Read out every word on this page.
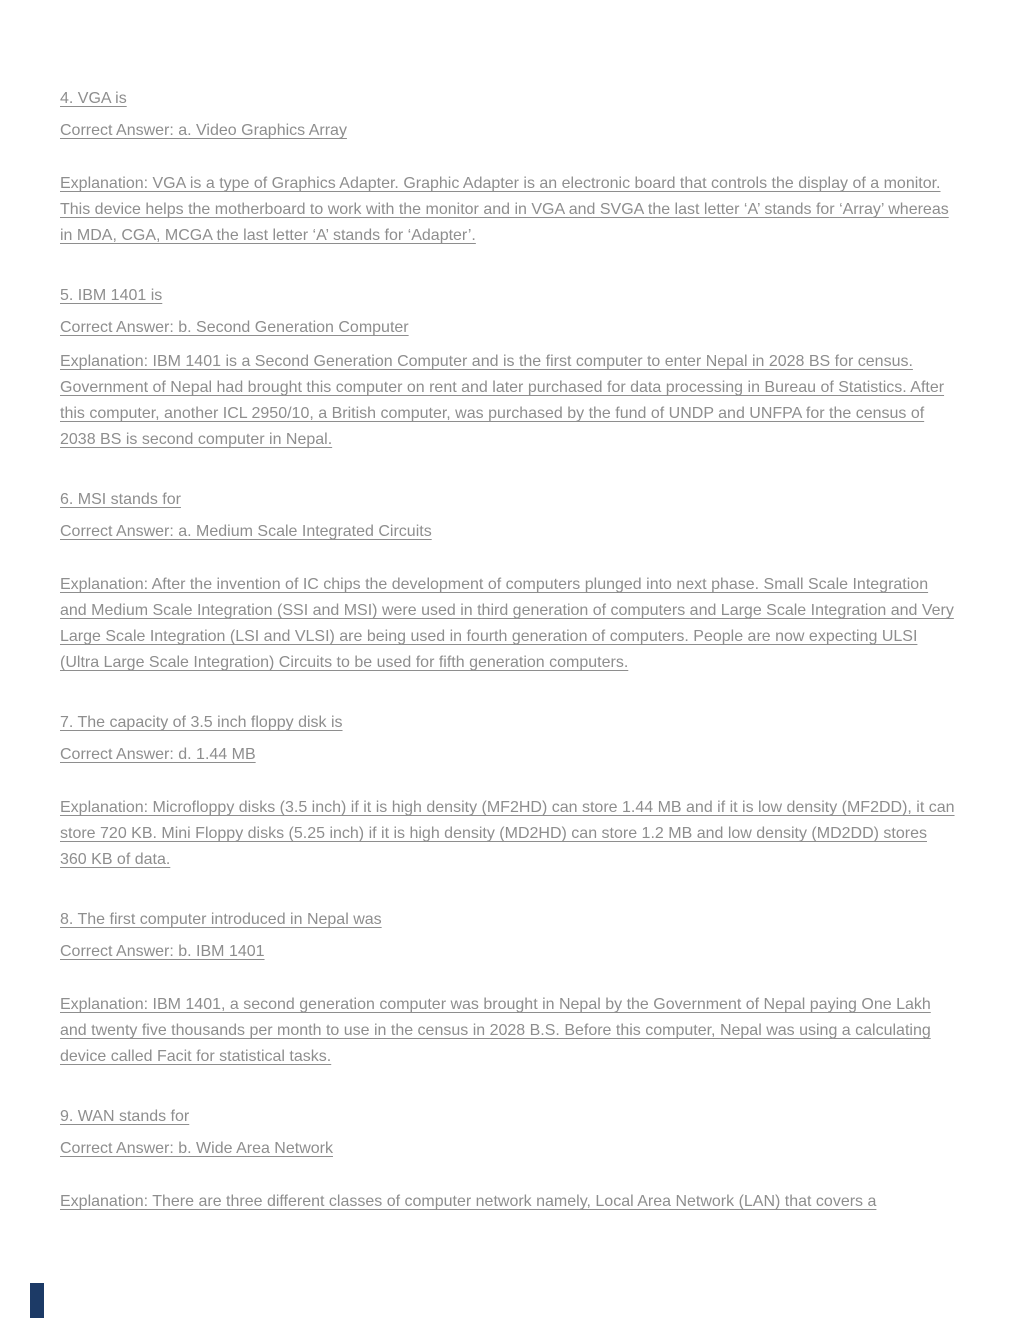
4. VGA is

Correct Answer: a. Video Graphics Array

Explanation: VGA is a type of Graphics Adapter. Graphic Adapter is an electronic board that controls the display of a monitor. This device helps the motherboard to work with the monitor and in VGA and SVGA the last letter ‘A’ stands for ‘Array’ whereas in MDA, CGA, MCGA the last letter ‘A’ stands for ‘Adapter’.

5. IBM 1401 is

Correct Answer: b. Second Generation Computer

Explanation: IBM 1401 is a Second Generation Computer and is the first computer to enter Nepal in 2028 BS for census. Government of Nepal had brought this computer on rent and later purchased for data processing in Bureau of Statistics. After this computer, another ICL 2950/10, a British computer, was purchased by the fund of UNDP and UNFPA for the census of 2038 BS is second computer in Nepal.

6. MSI stands for

Correct Answer: a. Medium Scale Integrated Circuits

Explanation: After the invention of IC chips the development of computers plunged into next phase. Small Scale Integration and Medium Scale Integration (SSI and MSI) were used in third generation of computers and Large Scale Integration and Very Large Scale Integration (LSI and VLSI) are being used in fourth generation of computers. People are now expecting ULSI (Ultra Large Scale Integration) Circuits to be used for fifth generation computers.

7. The capacity of 3.5 inch floppy disk is

Correct Answer: d. 1.44 MB

Explanation: Microfloppy disks (3.5 inch) if it is high density (MF2HD) can store 1.44 MB and if it is low density (MF2DD), it can store 720 KB. Mini Floppy disks (5.25 inch) if it is high density (MD2HD) can store 1.2 MB and low density (MD2DD) stores 360 KB of data.

8. The first computer introduced in Nepal was

Correct Answer: b. IBM 1401

Explanation: IBM 1401, a second generation computer was brought in Nepal by the Government of Nepal paying One Lakh and twenty five thousands per month to use in the census in 2028 B.S. Before this computer, Nepal was using a calculating device called Facit for statistical tasks.

9. WAN stands for

Correct Answer: b. Wide Area Network

Explanation: There are three different classes of computer network namely, Local Area Network (LAN) that covers a
